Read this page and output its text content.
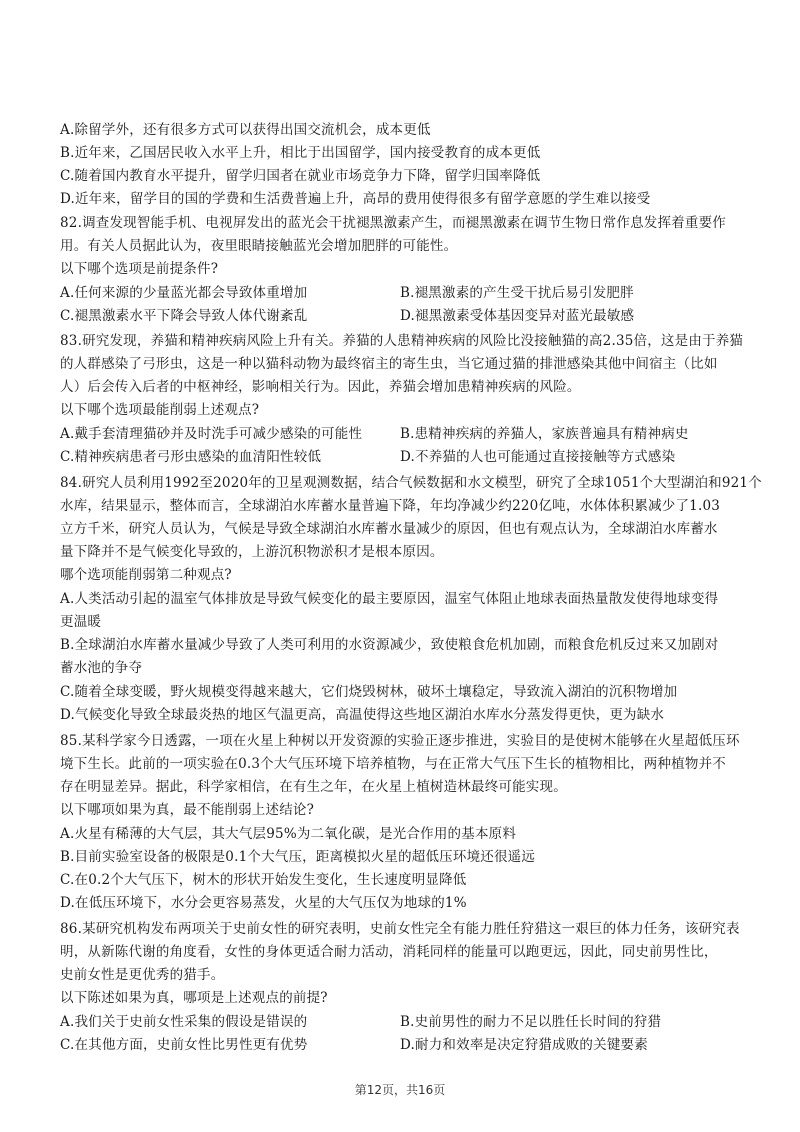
A.除留学外，还有很多方式可以获得出国交流机会，成本更低
B.近年来，乙国居民收入水平上升，相比于出国留学，国内接受教育的成本更低
C.随着国内教育水平提升，留学归国者在就业市场竞争力下降，留学归国率降低
D.近年来，留学目的国的学费和生活费普遍上升，高昂的费用使得很多有留学意愿的学生难以接受
82.调查发现智能手机、电视屏发出的蓝光会干扰褪黑激素产生，而褪黑激素在调节生物日常作息发挥着重要作
用。有关人员据此认为，夜里眼睛接触蓝光会增加肥胖的可能性。
以下哪个选项是前提条件?
A.任何来源的少量蓝光都会导致体重增加	B.褪黑激素的产生受干扰后易引发肥胖
C.褪黑激素水平下降会导致人体代谢紊乱	D.褪黑激素受体基因变异对蓝光最敏感
83.研究发现，养猫和精神疾病风险上升有关。养猫的人患精神疾病的风险比没接触猫的高2.35倍，这是由于养猫
的人群感染了弓形虫，这是一种以猫科动物为最终宿主的寄生虫，当它通过猫的排泄感染其他中间宿主（比如
人）后会传入后者的中枢神经，影响相关行为。因此，养猫会增加患精神疾病的风险。
以下哪个选项最能削弱上述观点?
A.戴手套清理猫砂并及时洗手可减少感染的可能性	B.患精神疾病的养猫人，家族普遍具有精神病史
C.精神疾病患者弓形虫感染的血清阳性较低	D.不养猫的人也可能通过直接接触等方式感染
84.研究人员利用1992至2020年的卫星观测数据，结合气候数据和水文模型，研究了全球1051个大型湖泊和921个
水库，结果显示，整体而言，全球湖泊水库蓄水量普遍下降，年均净减少约220亿吨，水体体积累减少了1.03
立方千米，研究人员认为，气候是导致全球湖泊水库蓄水量减少的原因，但也有观点认为，全球湖泊水库蓄水
量下降并不是气候变化导致的，上游沉积物淤积才是根本原因。
哪个选项能削弱第二种观点?
A.人类活动引起的温室气体排放是导致气候变化的最主要原因，温室气体阻止地球表面热量散发使得地球变得
更温暖
B.全球湖泊水库蓄水量减少导致了人类可利用的水资源减少，致使粮食危机加剧，而粮食危机反过来又加剧对
蓄水池的争夺
C.随着全球变暖，野火规模变得越来越大，它们烧毁树林，破坏土壤稳定，导致流入湖泊的沉积物增加
D.气候变化导致全球最炎热的地区气温更高，高温使得这些地区湖泊水库水分蒸发得更快，更为缺水
85.某科学家今日透露，一项在火星上种树以开发资源的实验正逐步推进，实验目的是使树木能够在火星超低压环
境下生长。此前的一项实验在0.3个大气压环境下培养植物，与在正常大气压下生长的植物相比，两种植物并不
存在明显差异。据此，科学家相信，在有生之年，在火星上植树造林最终可能实现。
以下哪项如果为真，最不能削弱上述结论?
A.火星有稀薄的大气层，其大气层95%为二氧化碳，是光合作用的基本原料
B.目前实验室设备的极限是0.1个大气压，距离模拟火星的超低压环境还很遥远
C.在0.2个大气压下，树木的形状开始发生变化，生长速度明显降低
D.在低压环境下，水分会更容易蒸发，火星的大气压仅为地球的1%
86.某研究机构发布两项关于史前女性的研究表明，史前女性完全有能力胜任狩猎这一艰巨的体力任务，该研究表
明，从新陈代谢的角度看，女性的身体更适合耐力活动，消耗同样的能量可以跑更远，因此，同史前男性比，
史前女性是更优秀的猎手。
以下陈述如果为真，哪项是上述观点的前提?
A.我们关于史前女性采集的假设是错误的	B.史前男性的耐力不足以胜任长时间的狩猎
C.在其他方面，史前女性比男性更有优势	D.耐力和效率是决定狩猎成败的关键要素
第12页，共16页
